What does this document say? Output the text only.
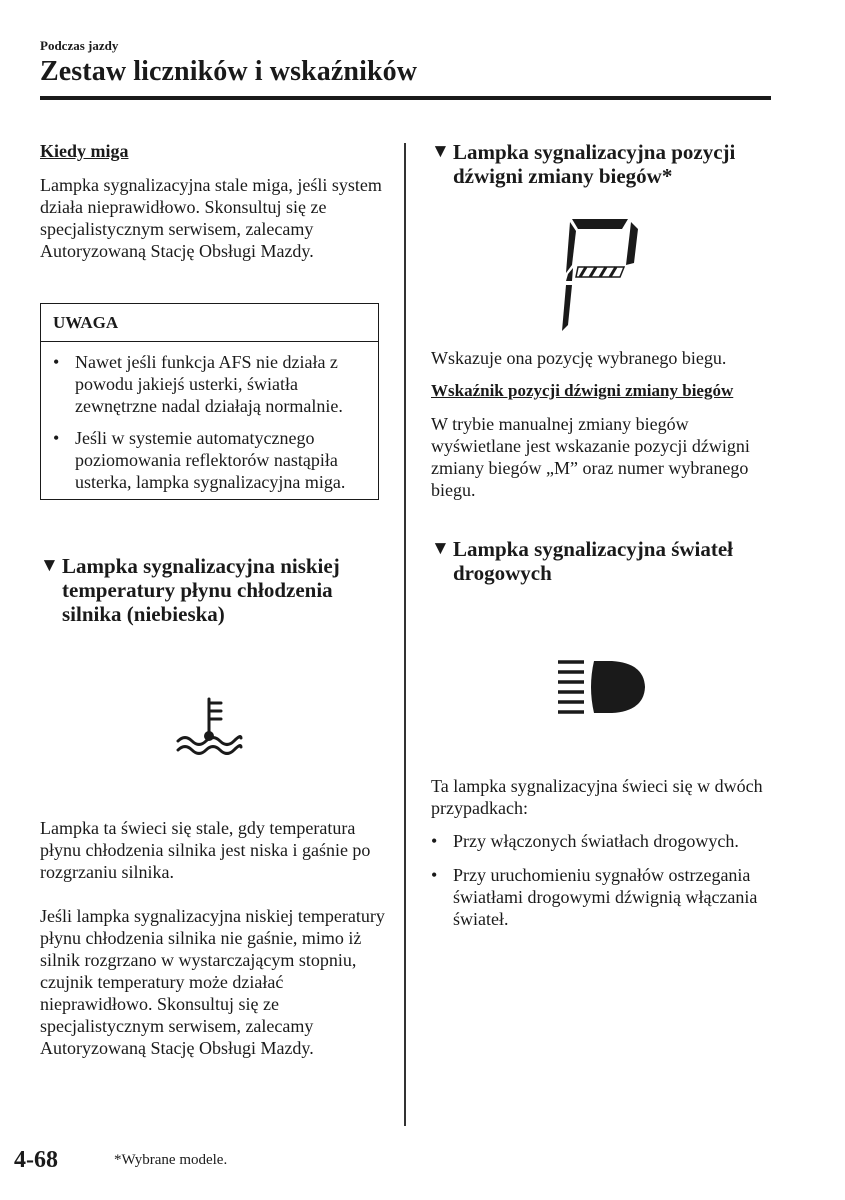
Podczas jazdy
Zestaw liczników i wskaźników

Kiedy miga

Lampka sygnalizacyjna stale miga, jeśli system działa nieprawidłowo. Skonsultuj się ze specjalistycznym serwisem, zalecamy Autoryzowaną Stację Obsługi Mazdy.

UWAGA
• Nawet jeśli funkcja AFS nie działa z powodu jakiejś usterki, światła zewnętrzne nadal działają normalnie.
• Jeśli w systemie automatycznego poziomowania reflektorów nastąpiła usterka, lampka sygnalizacyjna miga.
▼ Lampka sygnalizacyjna niskiej temperatury płynu chłodzenia silnika (niebieska)

Lampka ta świeci się stale, gdy temperatura płynu chłodzenia silnika jest niska i gaśnie po rozgrzaniu silnika.

Jeśli lampka sygnalizacyjna niskiej temperatury płynu chłodzenia silnika nie gaśnie, mimo iż silnik rozgrzano w wystarczającym stopniu, czujnik temperatury może działać nieprawidłowo. Skonsultuj się ze specjalistycznym serwisem, zalecamy Autoryzowaną Stację Obsługi Mazdy.

▼ Lampka sygnalizacyjna pozycji dźwigni zmiany biegów*

Wskazuje ona pozycję wybranego biegu.

Wskaźnik pozycji dźwigni zmiany biegów

W trybie manualnej zmiany biegów wyświetlane jest wskazanie pozycji dźwigni zmiany biegów „M” oraz numer wybranego biegu.

▼ Lampka sygnalizacyjna świateł drogowych

Ta lampka sygnalizacyjna świeci się w dwóch przypadkach:

• Przy włączonych światłach drogowych.
• Przy uruchomieniu sygnałów ostrzegania światłami drogowymi dźwignią włączania świateł.
4-68	*Wybrane modele.
